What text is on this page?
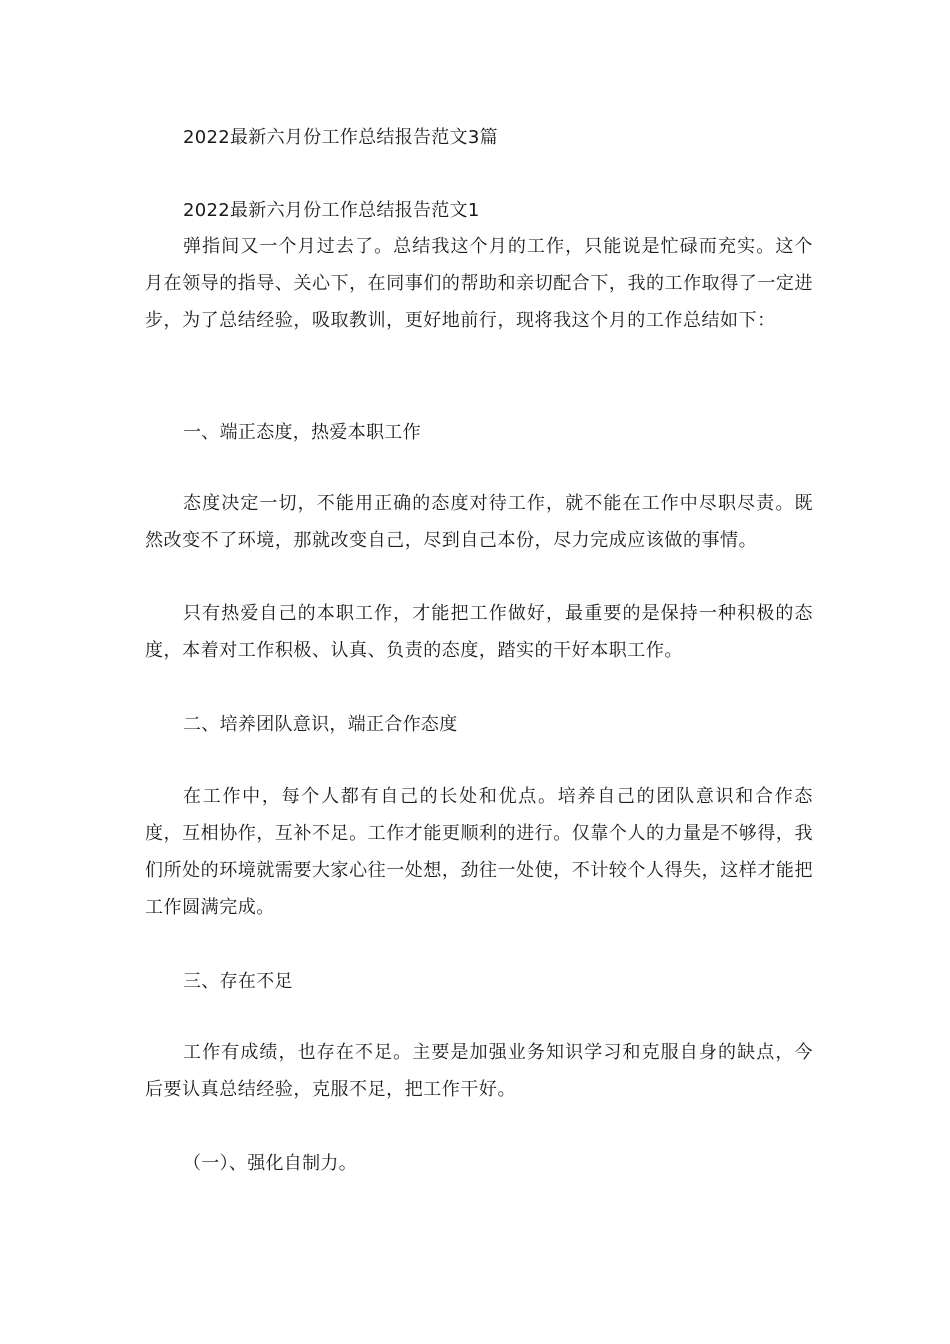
2022最新六月份工作总结报告范文3篇
2022最新六月份工作总结报告范文1

弹指间又一个月过去了。总结我这个月的工作，只能说是忙碌而充实。这个月在领导的指导、关心下，在同事们的帮助和亲切配合下，我的工作取得了一定进步，为了总结经验，吸取教训，更好地前行，现将我这个月的工作总结如下：

一、端正态度，热爱本职工作

态度决定一切，不能用正确的态度对待工作，就不能在工作中尽职尽责。既然改变不了环境，那就改变自己，尽到自己本份，尽力完成应该做的事情。

只有热爱自己的本职工作，才能把工作做好，最重要的是保持一种积极的态度，本着对工作积极、认真、负责的态度，踏实的干好本职工作。

二、培养团队意识，端正合作态度

在工作中，每个人都有自己的长处和优点。培养自己的团队意识和合作态度，互相协作，互补不足。工作才能更顺利的进行。仅靠个人的力量是不够得，我们所处的环境就需要大家心往一处想，劲往一处使，不计较个人得失，这样才能把工作圆满完成。

三、存在不足

工作有成绩，也存在不足。主要是加强业务知识学习和克服自身的缺点，今后要认真总结经验，克服不足，把工作干好。

（一）、强化自制力。
